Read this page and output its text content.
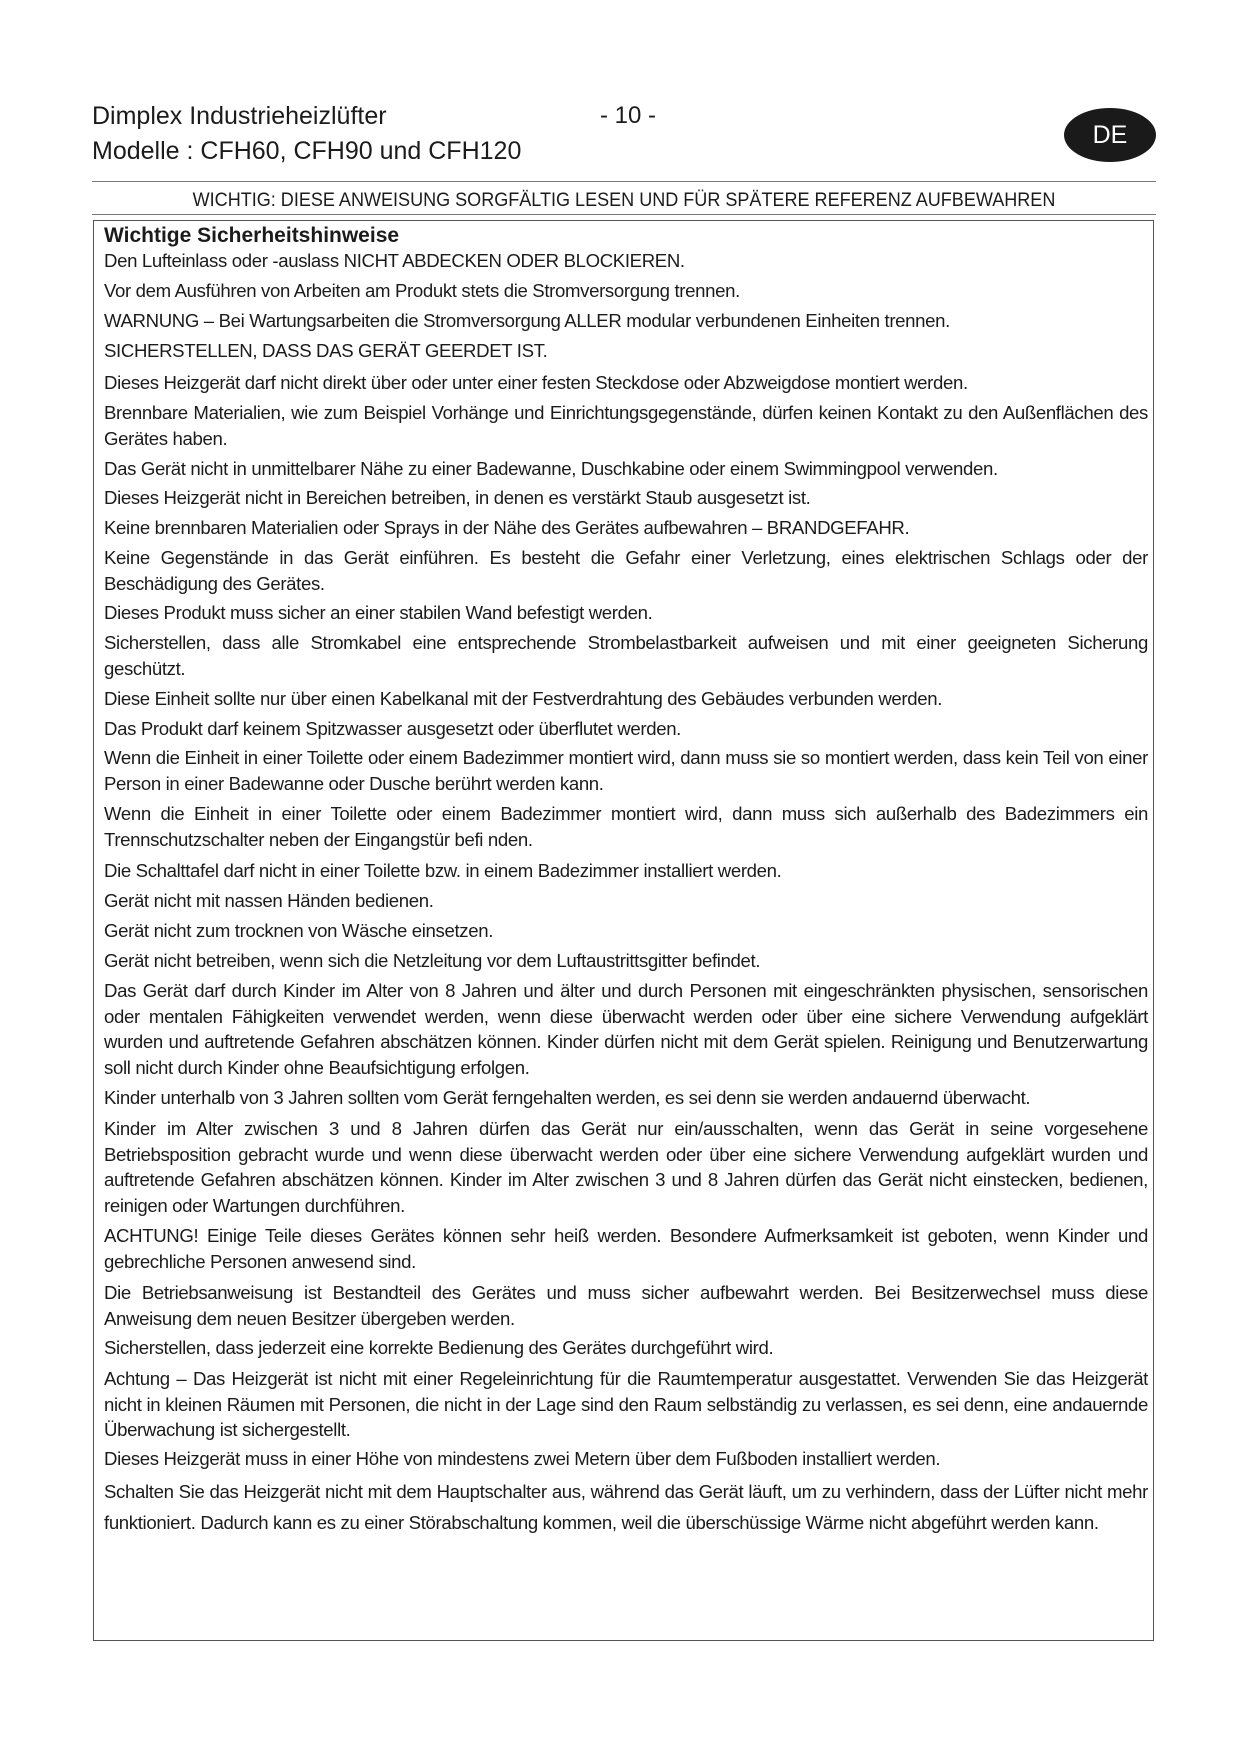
Dimplex Industrieheizlüfter
Modelle : CFH60, CFH90 und CFH120
- 10 -
DE
WICHTIG: DIESE ANWEISUNG SORGFÄLTIG LESEN UND FÜR SPÄTERE REFERENZ AUFBEWAHREN
Wichtige Sicherheitshinweise
Den Lufteinlass oder -auslass NICHT ABDECKEN ODER BLOCKIEREN.
Vor dem Ausführen von Arbeiten am Produkt stets die Stromversorgung trennen.
WARNUNG – Bei Wartungsarbeiten die Stromversorgung ALLER modular verbundenen Einheiten trennen.
SICHERSTELLEN, DASS DAS GERÄT GEERDET IST.
Dieses Heizgerät darf nicht direkt über oder unter einer festen Steckdose oder Abzweigdose montiert werden.
Brennbare Materialien, wie zum Beispiel Vorhänge und Einrichtungsgegenstände, dürfen keinen Kontakt zu den Außenflächen des Gerätes haben.
Das Gerät nicht in unmittelbarer Nähe zu einer Badewanne, Duschkabine oder einem Swimmingpool verwenden.
Dieses Heizgerät nicht in Bereichen betreiben, in denen es verstärkt Staub ausgesetzt ist.
Keine brennbaren Materialien oder Sprays in der Nähe des Gerätes aufbewahren – BRANDGEFAHR.
Keine Gegenstände in das Gerät einführen. Es besteht die Gefahr einer Verletzung, eines elektrischen Schlags oder der Beschädigung des Gerätes.
Dieses Produkt muss sicher an einer stabilen Wand befestigt werden.
Sicherstellen, dass alle Stromkabel eine entsprechende Strombelastbarkeit aufweisen und mit einer geeigneten Sicherung geschützt.
Diese Einheit sollte nur über einen Kabelkanal mit der Festverdrahtung des Gebäudes verbunden werden.
Das Produkt darf keinem Spitzwasser ausgesetzt oder überflutet werden.
Wenn die Einheit in einer Toilette oder einem Badezimmer montiert wird, dann muss sie so montiert werden, dass kein Teil von einer Person in einer Badewanne oder Dusche berührt werden kann.
Wenn die Einheit in einer Toilette oder einem Badezimmer montiert wird, dann muss sich außerhalb des Badezimmers ein Trennschutzschalter neben der Eingangstür befi nden.
Die Schalttafel darf nicht in einer Toilette bzw. in einem Badezimmer installiert werden.
Gerät nicht mit nassen Händen bedienen.
Gerät nicht zum trocknen von Wäsche einsetzen.
Gerät nicht betreiben, wenn sich die Netzleitung vor dem Luftaustrittsgitter befindet.
Das Gerät darf durch Kinder im Alter von 8 Jahren und älter und durch Personen mit eingeschränkten physischen, sensorischen oder mentalen Fähigkeiten verwendet werden, wenn diese überwacht werden oder über eine sichere Verwendung aufgeklärt wurden und auftretende Gefahren abschätzen können. Kinder dürfen nicht mit dem Gerät spielen. Reinigung und Benutzerwartung soll nicht durch Kinder ohne Beaufsichtigung erfolgen.
Kinder unterhalb von 3 Jahren sollten vom Gerät ferngehalten werden, es sei denn sie werden andauernd überwacht.
Kinder im Alter zwischen 3 und 8 Jahren dürfen das Gerät nur ein/ausschalten, wenn das Gerät in seine vorgesehene Betriebsposition gebracht wurde und wenn diese überwacht werden oder über eine sichere Verwendung aufgeklärt wurden und auftretende Gefahren abschätzen können. Kinder im Alter zwischen 3 und 8 Jahren dürfen das Gerät nicht einstecken, bedienen, reinigen oder Wartungen durchführen.
ACHTUNG! Einige Teile dieses Gerätes können sehr heiß werden. Besondere Aufmerksamkeit ist geboten, wenn Kinder und gebrechliche Personen anwesend sind.
Die Betriebsanweisung ist Bestandteil des Gerätes und muss sicher aufbewahrt werden. Bei Besitzerwechsel muss diese Anweisung dem neuen Besitzer übergeben werden.
Sicherstellen, dass jederzeit eine korrekte Bedienung des Gerätes durchgeführt wird.
Achtung – Das Heizgerät ist nicht mit einer Regeleinrichtung für die Raumtemperatur ausgestattet. Verwenden Sie das Heizgerät nicht in kleinen Räumen mit Personen, die nicht in der Lage sind den Raum selbständig zu verlassen, es sei denn, eine andauernde Überwachung ist sichergestellt.
Dieses Heizgerät muss in einer Höhe von mindestens zwei Metern über dem Fußboden installiert werden.
Schalten Sie das Heizgerät nicht mit dem Hauptschalter aus, während das Gerät läuft, um zu verhindern, dass der Lüfter nicht mehr funktioniert. Dadurch kann es zu einer Störabschaltung kommen, weil die überschüssige Wärme nicht abgeführt werden kann.
